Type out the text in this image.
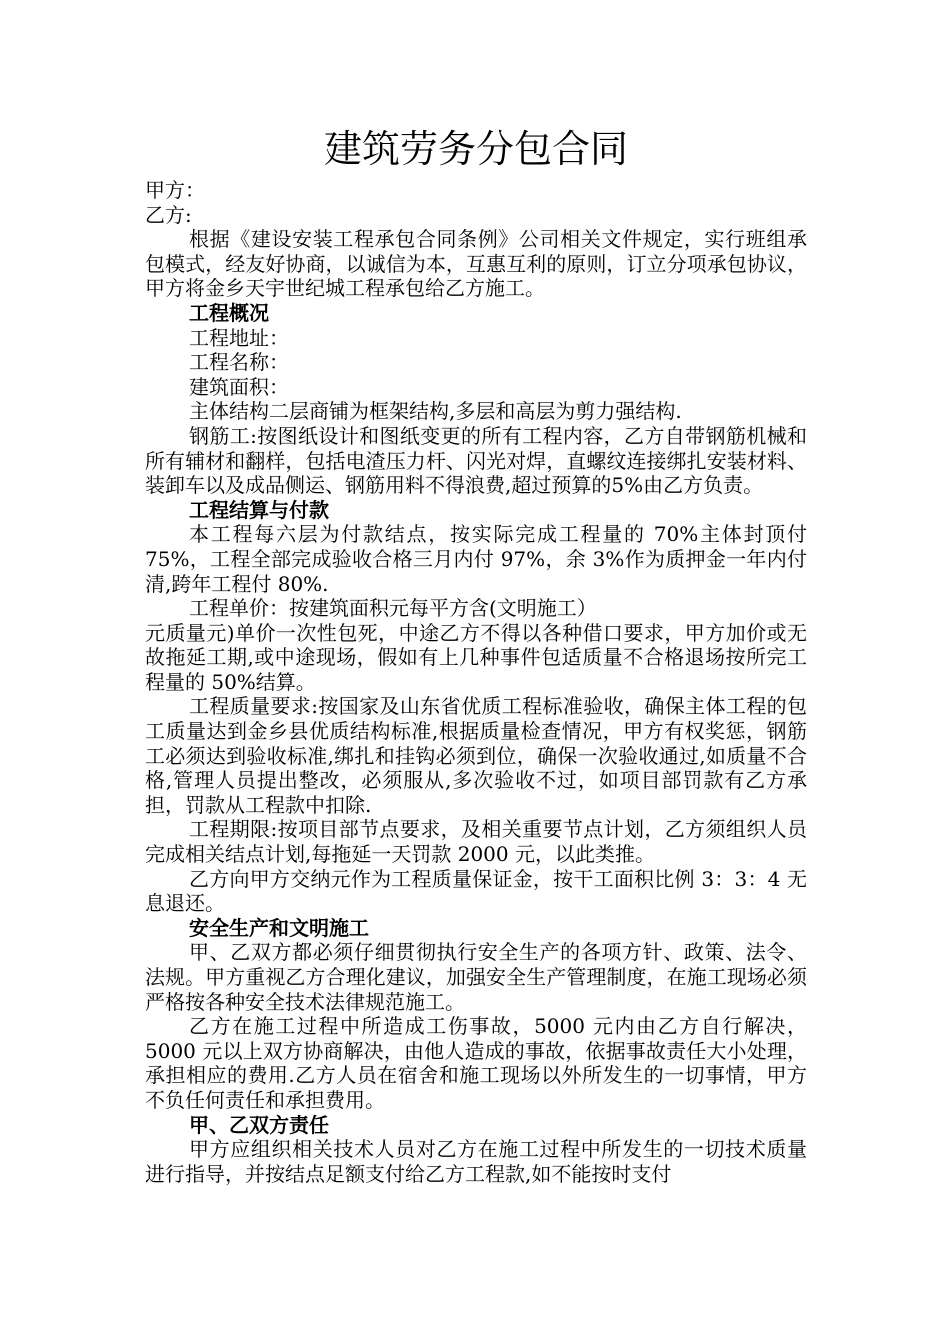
建筑劳务分包合同

甲方：

乙方:

根据《建设安装工程承包合同条例》公司相关文件规定，实行班组承包模式，经友好协商，以诚信为本，互惠互利的原则，订立分项承包协议，甲方将金乡天宇世纪城工程承包给乙方施工。

工程概况

工程地址：

工程名称：

建筑面积：

主体结构二层商铺为框架结构,多层和高层为剪力强结构.

钢筋工:按图纸设计和图纸变更的所有工程内容，乙方自带钢筋机械和所有辅材和翻样，包括电渣压力杆、闪光对焊，直螺纹连接绑扎安装材料、装卸车以及成品侧运、钢筋用料不得浪费,超过预算的5%由乙方负责。

工程结算与付款

本工程每六层为付款结点，按实际完成工程量的 70%主体封顶付 75%，工程全部完成验收合格三月内付 97%，余 3%作为质押金一年内付清,跨年工程付 80%.

工程单价：按建筑面积元每平方含(文明施工）

元质量元)单价一次性包死，中途乙方不得以各种借口要求，甲方加价或无故拖延工期,或中途现场，假如有上几种事件包适质量不合格退场按所完工程量的 50%结算。

工程质量要求:按国家及山东省优质工程标准验收，确保主体工程的包工质量达到金乡县优质结构标准,根据质量检查情况，甲方有权奖惩，钢筋工必须达到验收标准,绑扎和挂钩必须到位，确保一次验收通过,如质量不合格,管理人员提出整改，必须服从,多次验收不过，如项目部罚款有乙方承担，罚款从工程款中扣除.

工程期限:按项目部节点要求，及相关重要节点计划，乙方须组织人员完成相关结点计划,每拖延一天罚款 2000 元，以此类推。

乙方向甲方交纳元作为工程质量保证金，按干工面积比例 3：3：4 无息退还。

安全生产和文明施工

甲、乙双方都必须仔细贯彻执行安全生产的各项方针、政策、法令、法规。甲方重视乙方合理化建议，加强安全生产管理制度，在施工现场必须严格按各种安全技术法律规范施工。

乙方在施工过程中所造成工伤事故，5000 元内由乙方自行解决，5000 元以上双方协商解决，由他人造成的事故，依据事故责任大小处理，承担相应的费用.乙方人员在宿舍和施工现场以外所发生的一切事情，甲方不负任何责任和承担费用。

甲、乙双方责任

甲方应组织相关技术人员对乙方在施工过程中所发生的一切技术质量进行指导，并按结点足额支付给乙方工程款,如不能按时支付
